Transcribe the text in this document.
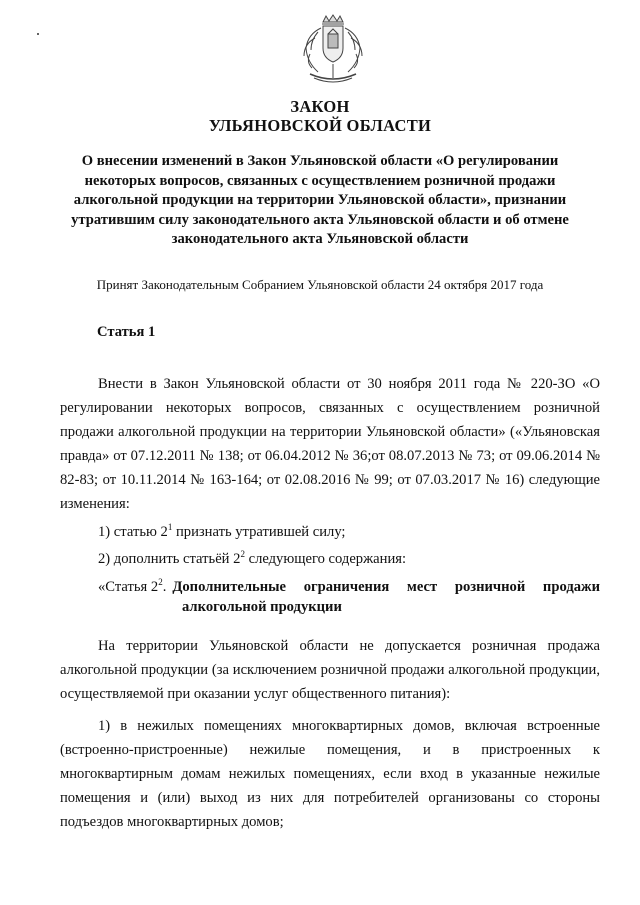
ЗАКОН
УЛЬЯНОВСКОЙ ОБЛАСТИ
О внесении изменений в Закон Ульяновской области «О регулировании некоторых вопросов, связанных с осуществлением розничной продажи алкогольной продукции на территории Ульяновской области», признании утратившим силу законодательного акта Ульяновской области и об отмене законодательного акта Ульяновской области
Принят Законодательным Собранием Ульяновской области 24 октября 2017 года
Статья 1
Внести в Закон Ульяновской области от 30 ноября 2011 года № 220-ЗО «О регулировании некоторых вопросов, связанных с осуществлением розничной продажи алкогольной продукции на территории Ульяновской области» («Ульяновская правда» от 07.12.2011 № 138; от 06.04.2012 № 36;от 08.07.2013 № 73; от 09.06.2014 № 82-83; от 10.11.2014 № 163-164; от 02.08.2016 № 99; от 07.03.2017 № 16) следующие изменения:
1) статью $2^1$ признать утратившей силу;
2) дополнить статьёй $2^2$ следующего содержания:
«Статья $2^2$. Дополнительные ограничения мест розничной продажи
алкогольной продукции
На территории Ульяновской области не допускается розничная продажа алкогольной продукции (за исключением розничной продажи алкогольной продукции, осуществляемой при оказании услуг общественного питания):
1) в нежилых помещениях многоквартирных домов, включая встроенные (встроенно-пристроенные) нежилые помещения, и в пристроенных к многоквартирным домам нежилых помещениях, если вход в указанные нежилые помещения и (или) выход из них для потребителей организованы со стороны подъездов многоквартирных домов;
